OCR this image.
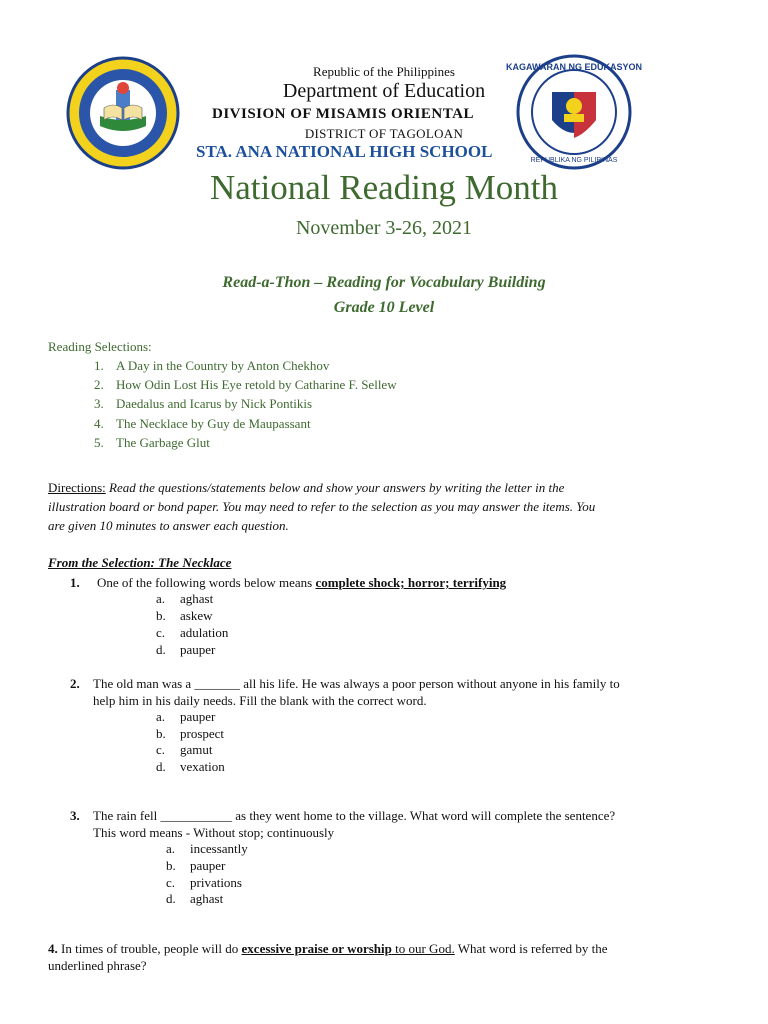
KAGAWARAN NG EDUKASYON
REPUBLIKA NG PILIPINAS
Republic of the Philippines
Department of Education
DIVISION OF MISAMIS ORIENTAL
DISTRICT OF TAGOLOAN
STA. ANA NATIONAL HIGH SCHOOL
National Reading Month
November 3-26, 2021
Read-a-Thon – Reading for Vocabulary Building
Grade 10 Level
Reading Selections:
1. A Day in the Country by Anton Chekhov
2. How Odin Lost His Eye retold by Catharine F. Sellew
3. Daedalus and Icarus by Nick Pontikis
4. The Necklace by Guy de Maupassant
5. The Garbage Glut
Directions: Read the questions/statements below and show your answers by writing the letter in the
illustration board or bond paper. You may need to refer to the selection as you may answer the items. You
are given 10 minutes to answer each question.
From the Selection: The Necklace
1. One of the following words below means complete shock; horror; terrifying
a. aghast
b. askew
c. adulation
d. pauper
2. The old man was a _______ all his life. He was always a poor person without anyone in his family to
help him in his daily needs. Fill the blank with the correct word.
a. pauper
b. prospect
c. gamut
d. vexation
3. The rain fell ___________ as they went home to the village. What word will complete the sentence?
This word means - Without stop; continuously
a. incessantly
b. pauper
c. privations
d. aghast
4. In times of trouble, people will do excessive praise or worship to our God. What word is referred by the
underlined phrase?
